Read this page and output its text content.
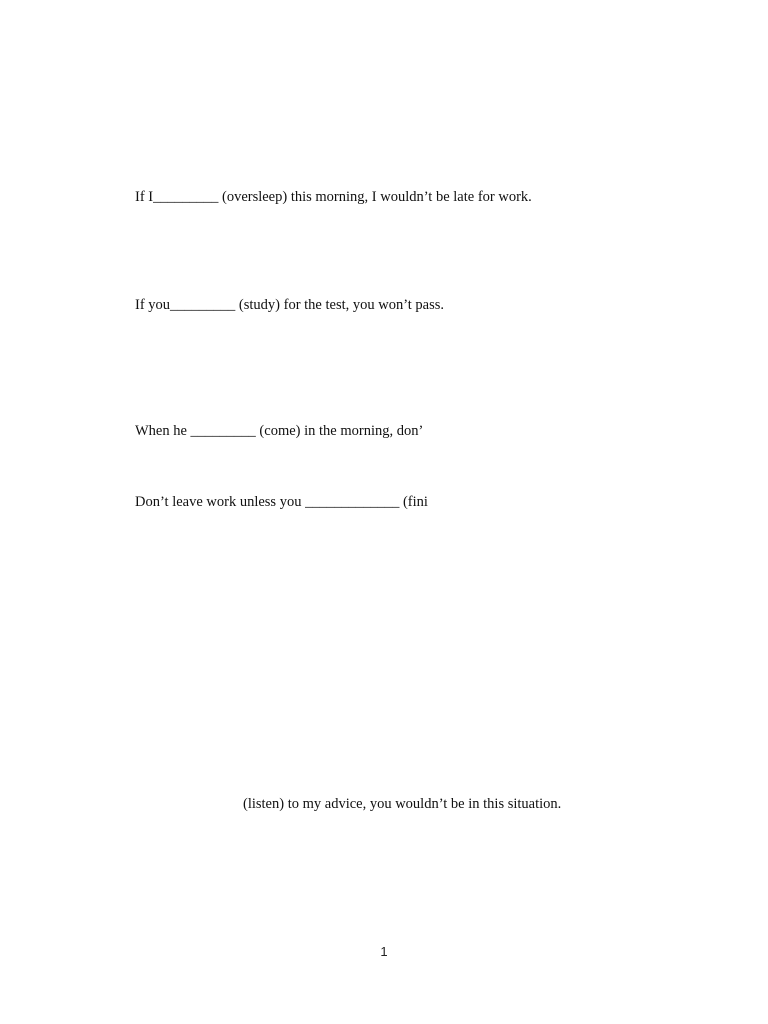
If I_________ (oversleep) this morning, I wouldn’t be late for work.
If you_________ (study) for the test, you won’t pass.
When he _________ (come) in the morning, don’
Don’t leave work unless you _____________ (fini
(listen) to my advice, you wouldn’t be in this situation.
1
